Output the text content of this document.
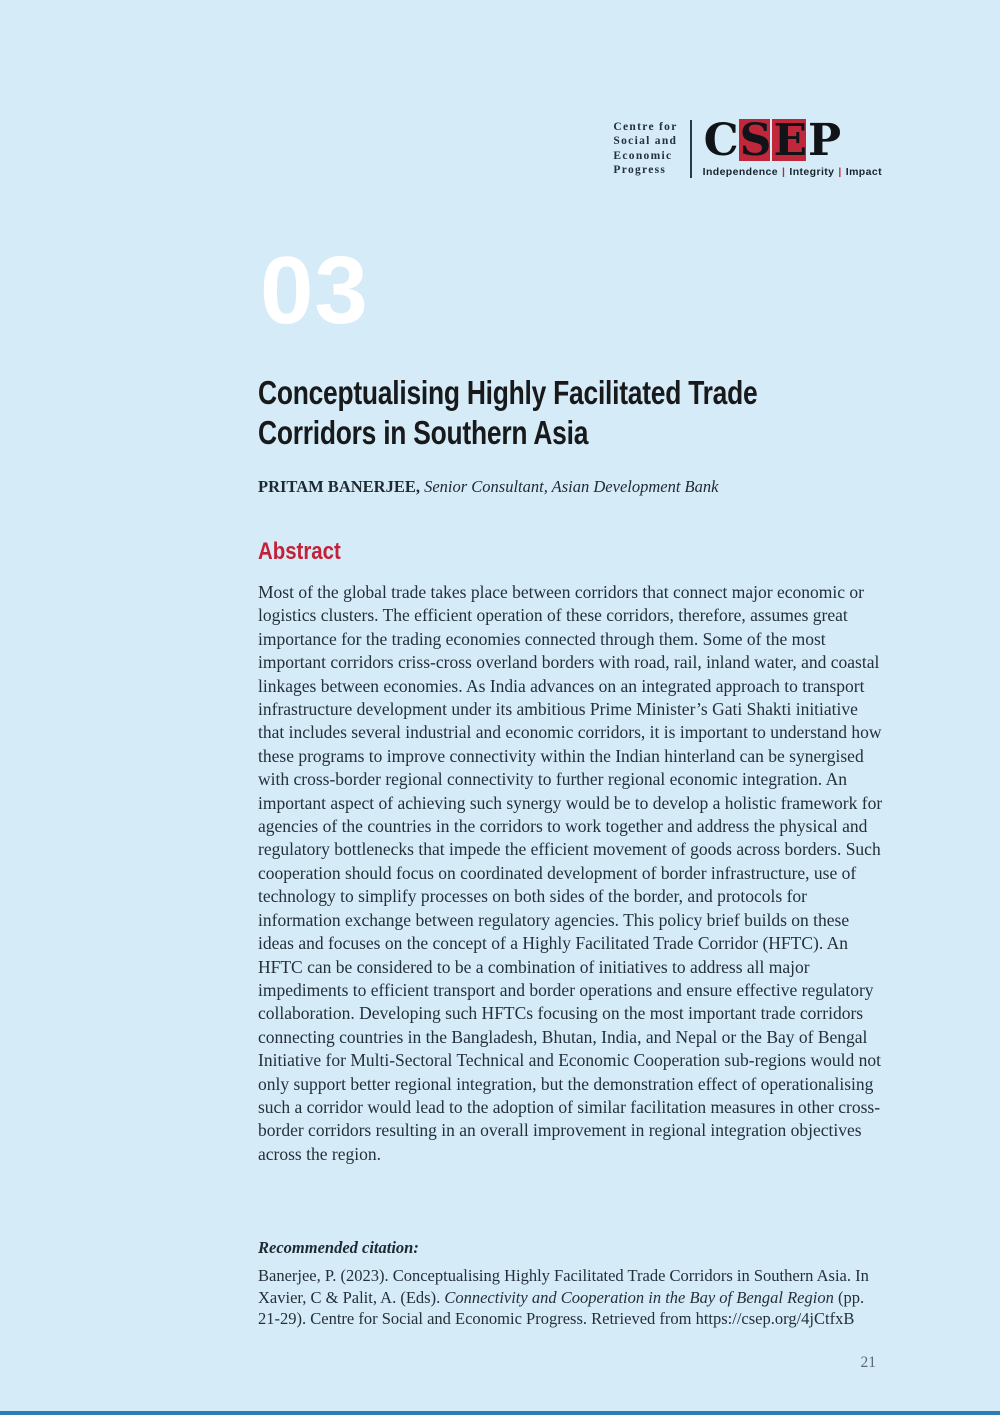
Centre for
Social and
Economic
Progress
C S E P
Independence | Integrity | Impact
03
Conceptualising Highly Facilitated Trade
Corridors in Southern Asia

PRITAM BANERJEE, Senior Consultant, Asian Development Bank

Abstract

Most of the global trade takes place between corridors that connect major economic or logistics clusters. The efficient operation of these corridors, therefore, assumes great importance for the trading economies connected through them. Some of the most important corridors criss-cross overland borders with road, rail, inland water, and coastal linkages between economies. As India advances on an integrated approach to transport infrastructure development under its ambitious Prime Minister’s Gati Shakti initiative that includes several industrial and economic corridors, it is important to understand how these programs to improve connectivity within the Indian hinterland can be synergised with cross-border regional connectivity to further regional economic integration. An important aspect of achieving such synergy would be to develop a holistic framework for agencies of the countries in the corridors to work together and address the physical and regulatory bottlenecks that impede the efficient movement of goods across borders. Such cooperation should focus on coordinated development of border infrastructure, use of technology to simplify processes on both sides of the border, and protocols for information exchange between regulatory agencies. This policy brief builds on these ideas and focuses on the concept of a Highly Facilitated Trade Corridor (HFTC). An HFTC can be considered to be a combination of initiatives to address all major impediments to efficient transport and border operations and ensure effective regulatory collaboration. Developing such HFTCs focusing on the most important trade corridors connecting countries in the Bangladesh, Bhutan, India, and Nepal or the Bay of Bengal Initiative for Multi-Sectoral Technical and Economic Cooperation sub-regions would not only support better regional integration, but the demonstration effect of operationalising such a corridor would lead to the adoption of similar facilitation measures in other cross-border corridors resulting in an overall improvement in regional integration objectives across the region.

Recommended citation:

Banerjee, P. (2023). Conceptualising Highly Facilitated Trade Corridors in Southern Asia. In Xavier, C & Palit, A. (Eds). Connectivity and Cooperation in the Bay of Bengal Region (pp. 21-29). Centre for Social and Economic Progress. Retrieved from https://csep.org/4jCtfxB

21
